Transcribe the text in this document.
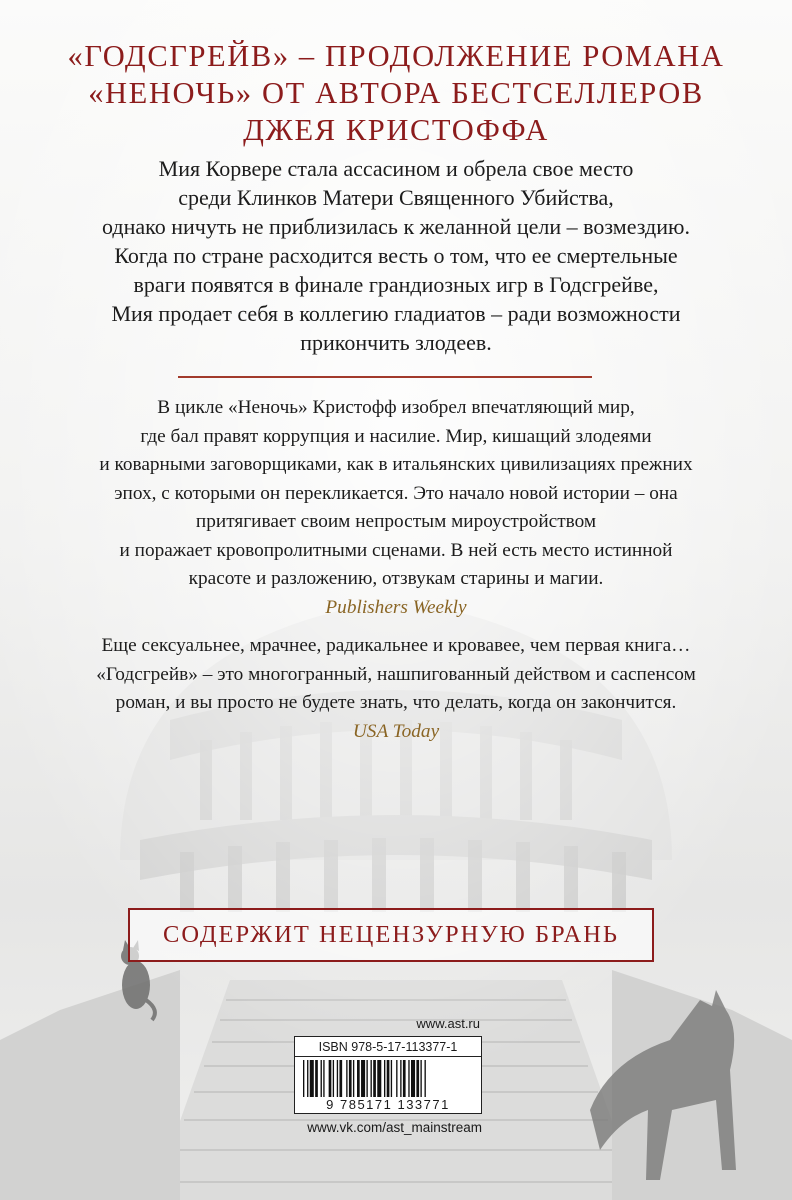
«ГОДСГРЕЙВ» – ПРОДОЛЖЕНИЕ РОМАНА
«НЕНОЧЬ» ОТ АВТОРА БЕСТСЕЛЛЕРОВ
ДЖЕЯ КРИСТОФФА
Мия Корвере стала ассасином и обрела свое место
среди Клинков Матери Священного Убийства,
однако ничуть не приблизилась к желанной цели – возмездию.
Когда по стране расходится весть о том, что ее смертельные
враги появятся в финале грандиозных игр в Годсгрейве,
Мия продает себя в коллегию гладиатов – ради возможности
прикончить злодеев.
В цикле «Неночь» Кристофф изобрел впечатляющий мир,
где бал правят коррупция и насилие. Мир, кишащий злодеями
и коварными заговорщиками, как в итальянских цивилизациях прежних
эпох, с которыми он перекликается. Это начало новой истории – она
притягивает своим непростым мироустройством
и поражает кровопролитными сценами. В ней есть место истинной
красоте и разложению, отзвукам старины и магии.
Publishers Weekly
Еще сексуальнее, мрачнее, радикальнее и кровавее, чем первая книга…
«Годсгрейв» – это многогранный, нашпигованный действом и саспенсом
роман, и вы просто не будете знать, что делать, когда он закончится.
USA Today
СОДЕРЖИТ НЕЦЕНЗУРНУЮ БРАНЬ
www.ast.ru
ISBN 978-5-17-113377-1
9 785171 133771
www.vk.com/ast_mainstream
